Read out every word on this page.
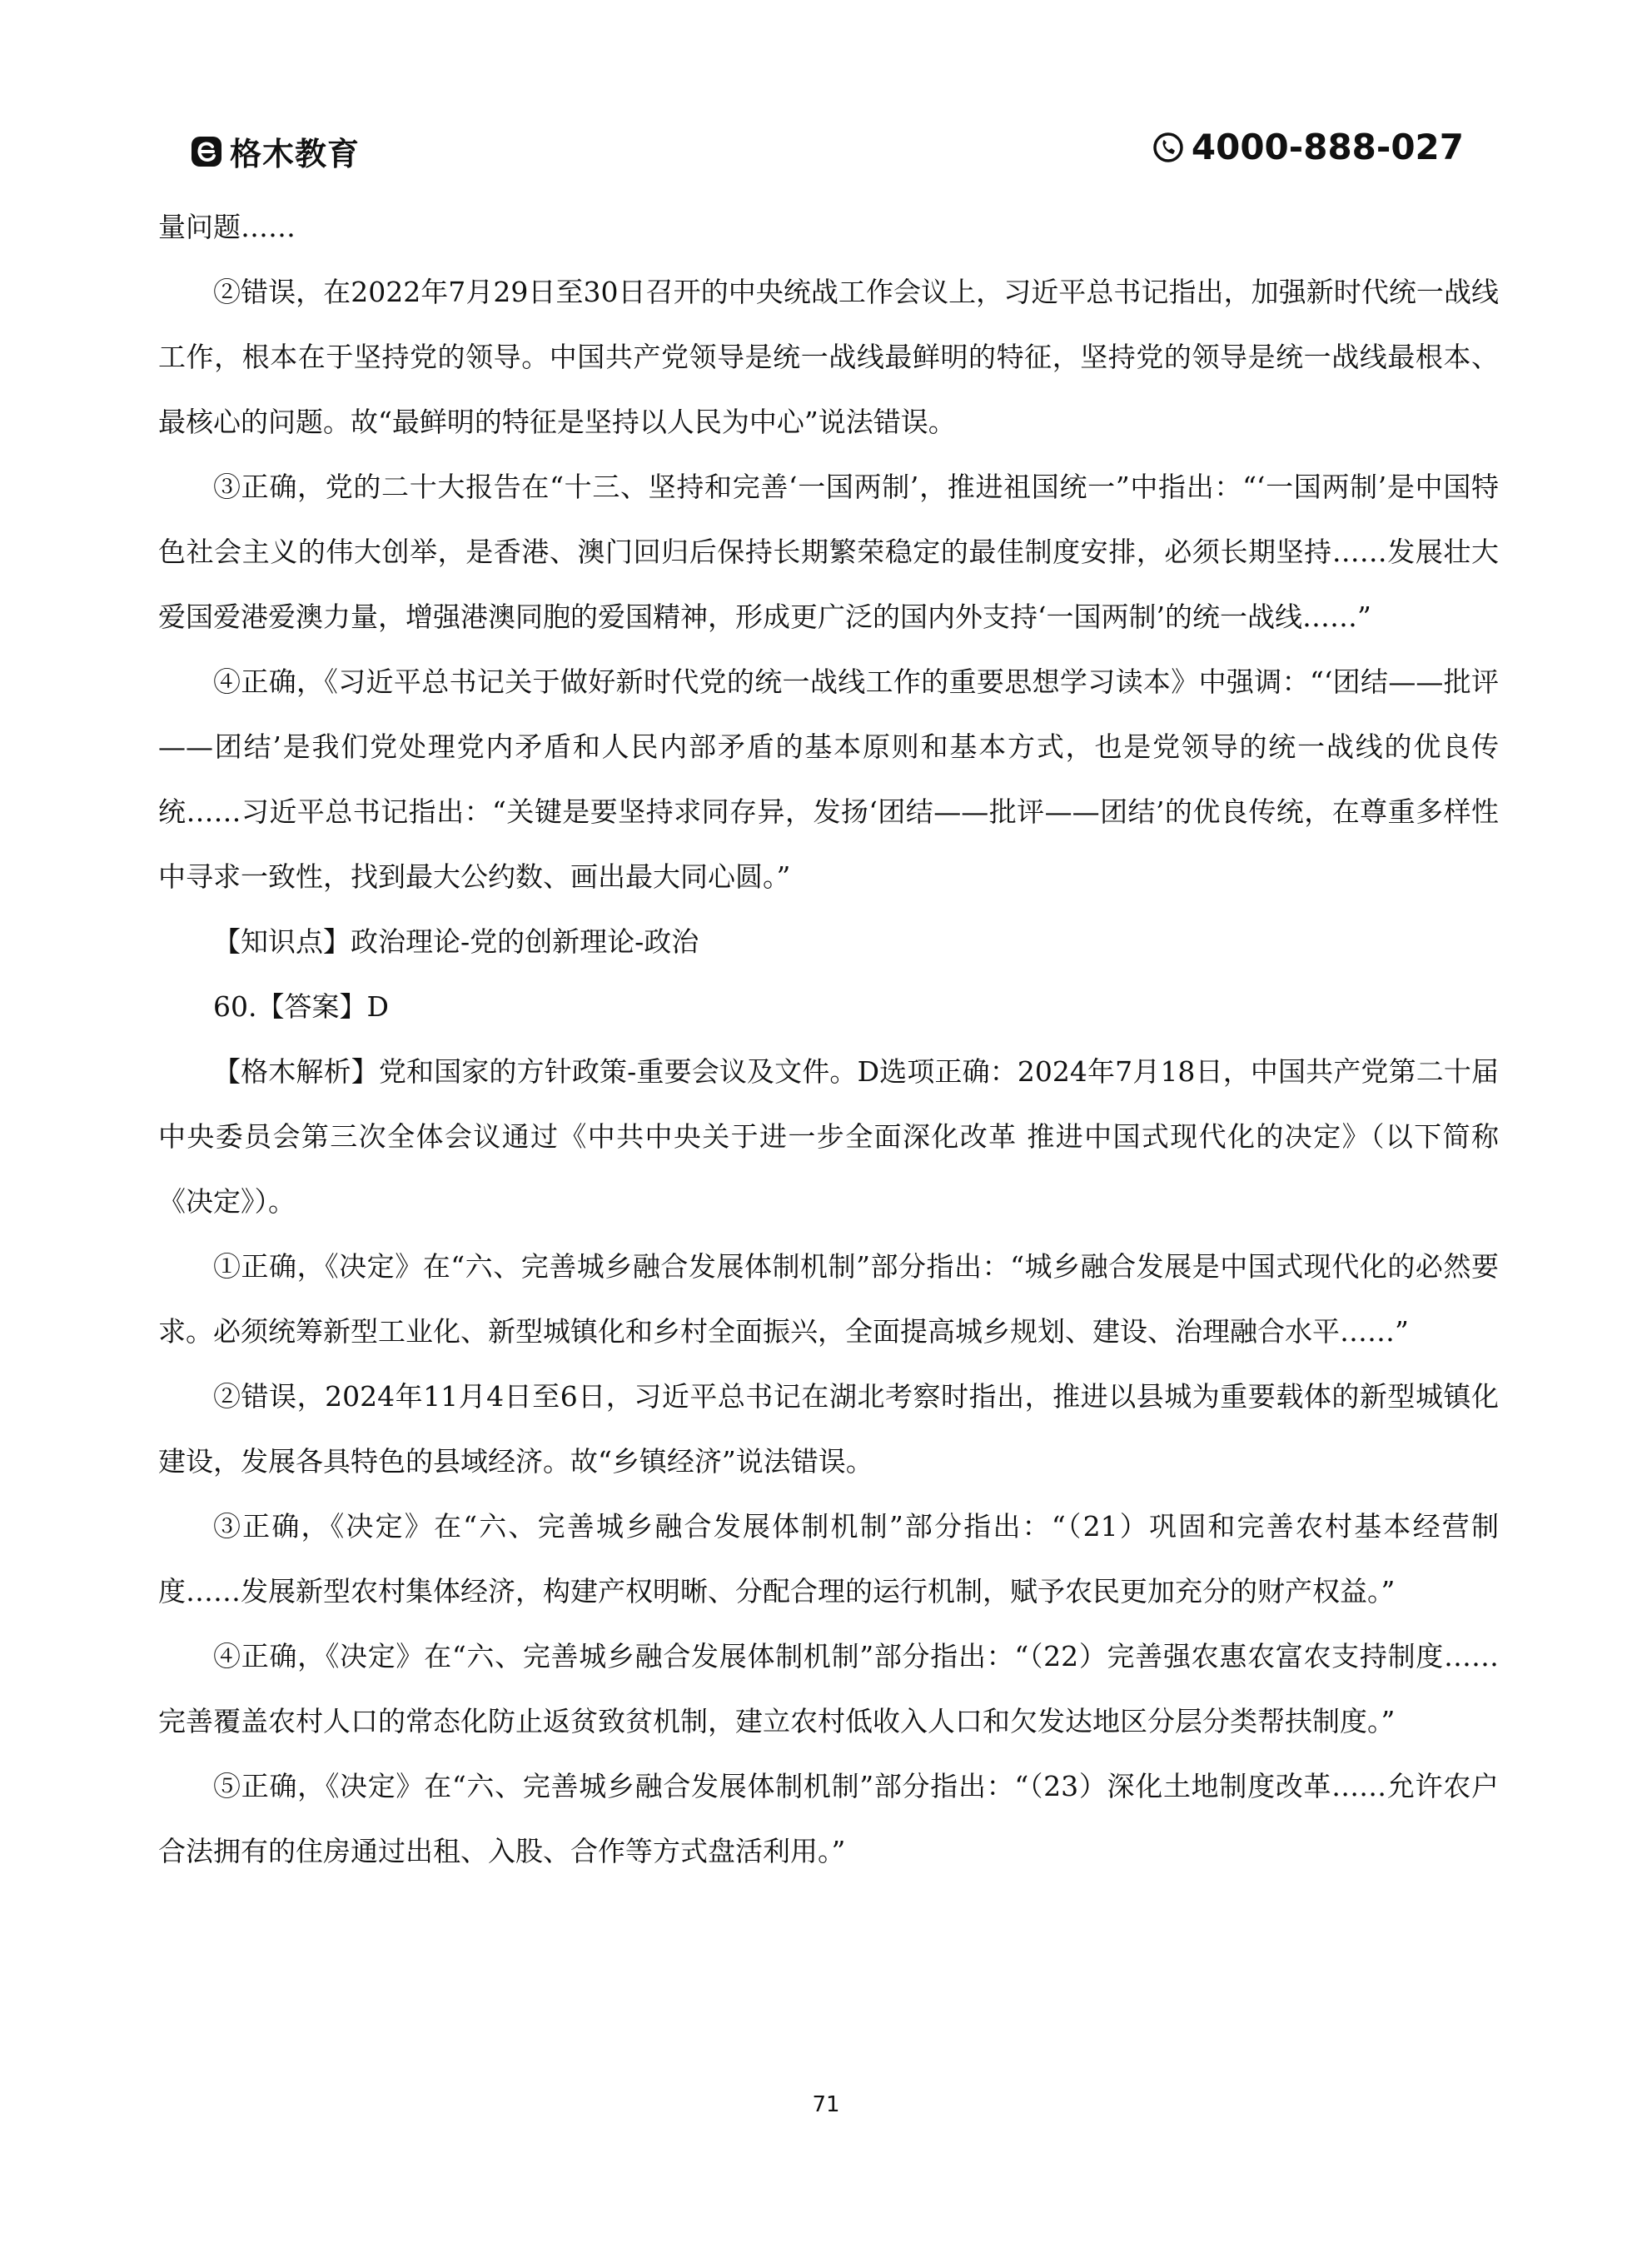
格木教育	4000-888-027

量问题……

②错误，在2022年7月29日至30日召开的中央统战工作会议上，习近平总书记指出，加强新时代统一战线工作，根本在于坚持党的领导。中国共产党领导是统一战线最鲜明的特征，坚持党的领导是统一战线最根本、最核心的问题。故“最鲜明的特征是坚持以人民为中心”说法错误。

③正确，党的二十大报告在“十三、坚持和完善‘一国两制’，推进祖国统一”中指出：“‘一国两制’是中国特色社会主义的伟大创举，是香港、澳门回归后保持长期繁荣稳定的最佳制度安排，必须长期坚持……发展壮大爱国爱港爱澳力量，增强港澳同胞的爱国精神，形成更广泛的国内外支持‘一国两制’的统一战线……”

④正确，《习近平总书记关于做好新时代党的统一战线工作的重要思想学习读本》中强调：“‘团结——批评——团结’是我们党处理党内矛盾和人民内部矛盾的基本原则和基本方式，也是党领导的统一战线的优良传统……习近平总书记指出：“关键是要坚持求同存异，发扬‘团结——批评——团结’的优良传统，在尊重多样性中寻求一致性，找到最大公约数、画出最大同心圆。”

【知识点】政治理论-党的创新理论-政治

60.【答案】D

【格木解析】党和国家的方针政策-重要会议及文件。D选项正确：2024年7月18日，中国共产党第二十届中央委员会第三次全体会议通过《中共中央关于进一步全面深化改革 推进中国式现代化的决定》（以下简称《决定》）。

①正确，《决定》在“六、完善城乡融合发展体制机制”部分指出：“城乡融合发展是中国式现代化的必然要求。必须统筹新型工业化、新型城镇化和乡村全面振兴，全面提高城乡规划、建设、治理融合水平……”

②错误，2024年11月4日至6日，习近平总书记在湖北考察时指出，推进以县城为重要载体的新型城镇化建设，发展各具特色的县域经济。故“乡镇经济”说法错误。

③正确，《决定》在“六、完善城乡融合发展体制机制”部分指出：“（21）巩固和完善农村基本经营制度……发展新型农村集体经济，构建产权明晰、分配合理的运行机制，赋予农民更加充分的财产权益。”

④正确，《决定》在“六、完善城乡融合发展体制机制”部分指出：“（22）完善强农惠农富农支持制度……完善覆盖农村人口的常态化防止返贫致贫机制，建立农村低收入人口和欠发达地区分层分类帮扶制度。”

⑤正确，《决定》在“六、完善城乡融合发展体制机制”部分指出：“（23）深化土地制度改革……允许农户合法拥有的住房通过出租、入股、合作等方式盘活利用。”

71
